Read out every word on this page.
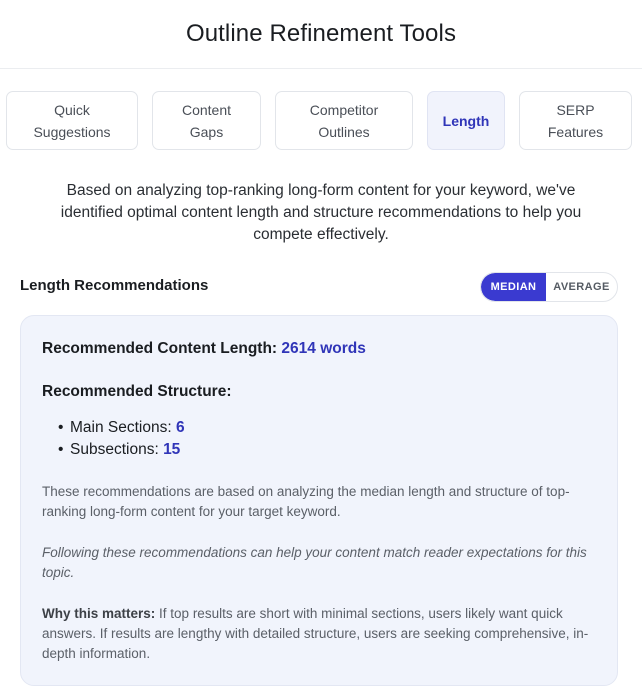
Outline Refinement Tools
Quick
Suggestions
Content
Gaps
Competitor
Outlines
Length
SERP
Features

Based on analyzing top-ranking long-form content for your keyword, we've identified optimal content length and structure recommendations to help you compete effectively.

Length Recommendations	MEDIAN	AVERAGE
Recommended Content Length: 2614 words
Recommended Structure:
• Main Sections: 6
• Subsections: 15

These recommendations are based on analyzing the median length and structure of top-ranking long-form content for your target keyword.

Following these recommendations can help your content match reader expectations for this topic.

Why this matters: If top results are short with minimal sections, users likely want quick answers. If results are lengthy with detailed structure, users are seeking comprehensive, in-depth information.
